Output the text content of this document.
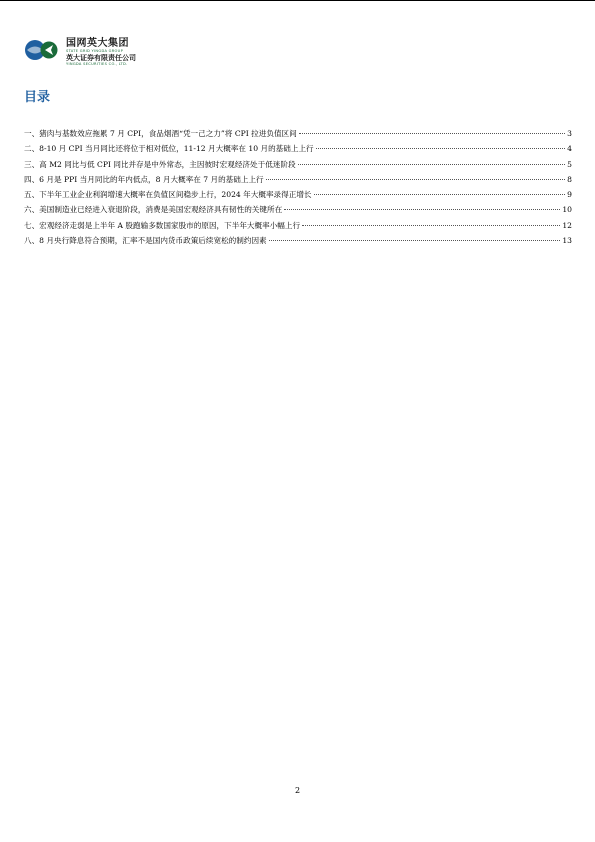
国网英大集团
STATE GRID YINGDA GROUP
英大证券有限责任公司
YINGDA SECURITIES CO., LTD.
目录
一、猪肉与基数效应拖累 7 月 CPI，食品烟酒“凭一己之力”将 CPI 拉进负值区间	3
二、8-10 月 CPI 当月同比还将位于相对低位，11-12 月大概率在 10 月的基础上上行	4
三、高 M2 同比与低 CPI 同比并存是中外常态，主因彼时宏观经济处于低迷阶段	5
四、6 月是 PPI 当月同比的年内低点，8 月大概率在 7 月的基础上上行	8
五、下半年工业企业利润增速大概率在负值区间稳步上行，2024 年大概率录得正增长	9
六、美国制造业已经进入衰退阶段，消费是美国宏观经济具有韧性的关键所在	10
七、宏观经济走弱是上半年 A 股跑输多数国家股市的原因，下半年大概率小幅上行	12
八、8 月央行降息符合预期，汇率不是国内货币政策后续宽松的制约因素	13
2
